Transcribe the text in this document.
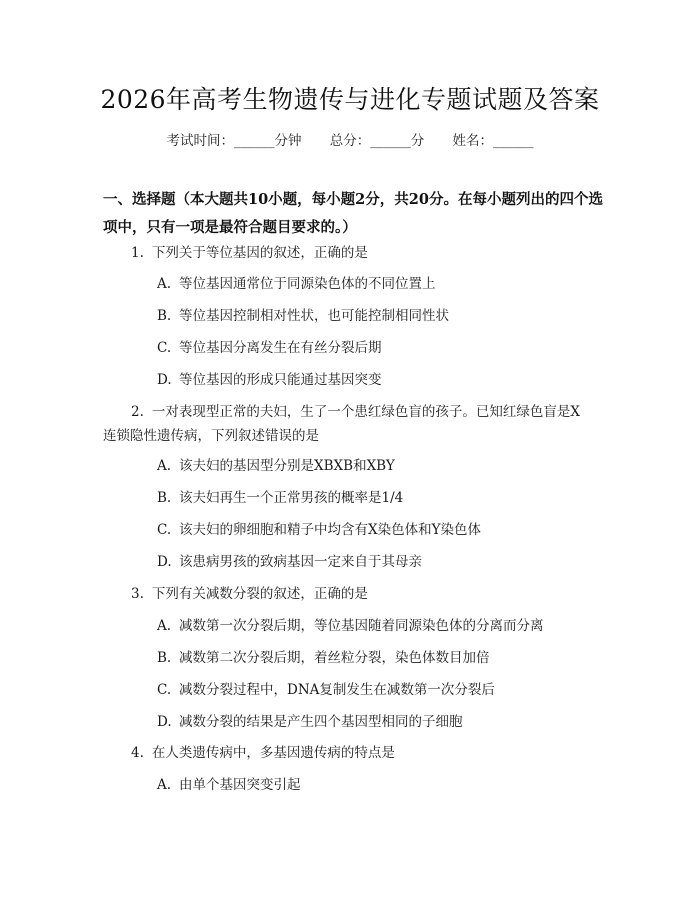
2026年高考生物遗传与进化专题试题及答案
考试时间：______分钟 总分：______分 姓名：______
一、选择题（本大题共10小题，每小题2分，共20分。在每小题列出的四个选项中，只有一项是最符合题目要求的。）
1. 下列关于等位基因的叙述，正确的是
A. 等位基因通常位于同源染色体的不同位置上
B. 等位基因控制相对性状，也可能控制相同性状
C. 等位基因分离发生在有丝分裂后期
D. 等位基因的形成只能通过基因突变
2. 一对表现型正常的夫妇，生了一个患红绿色盲的孩子。已知红绿色盲是X连锁隐性遗传病，下列叙述错误的是
A. 该夫妇的基因型分别是XBXB和XBY
B. 该夫妇再生一个正常男孩的概率是1/4
C. 该夫妇的卵细胞和精子中均含有X染色体和Y染色体
D. 该患病男孩的致病基因一定来自于其母亲
3. 下列有关减数分裂的叙述，正确的是
A. 减数第一次分裂后期，等位基因随着同源染色体的分离而分离
B. 减数第二次分裂后期，着丝粒分裂，染色体数目加倍
C. 减数分裂过程中，DNA复制发生在减数第一次分裂后
D. 减数分裂的结果是产生四个基因型相同的子细胞
4. 在人类遗传病中，多基因遗传病的特点是
A. 由单个基因突变引起
